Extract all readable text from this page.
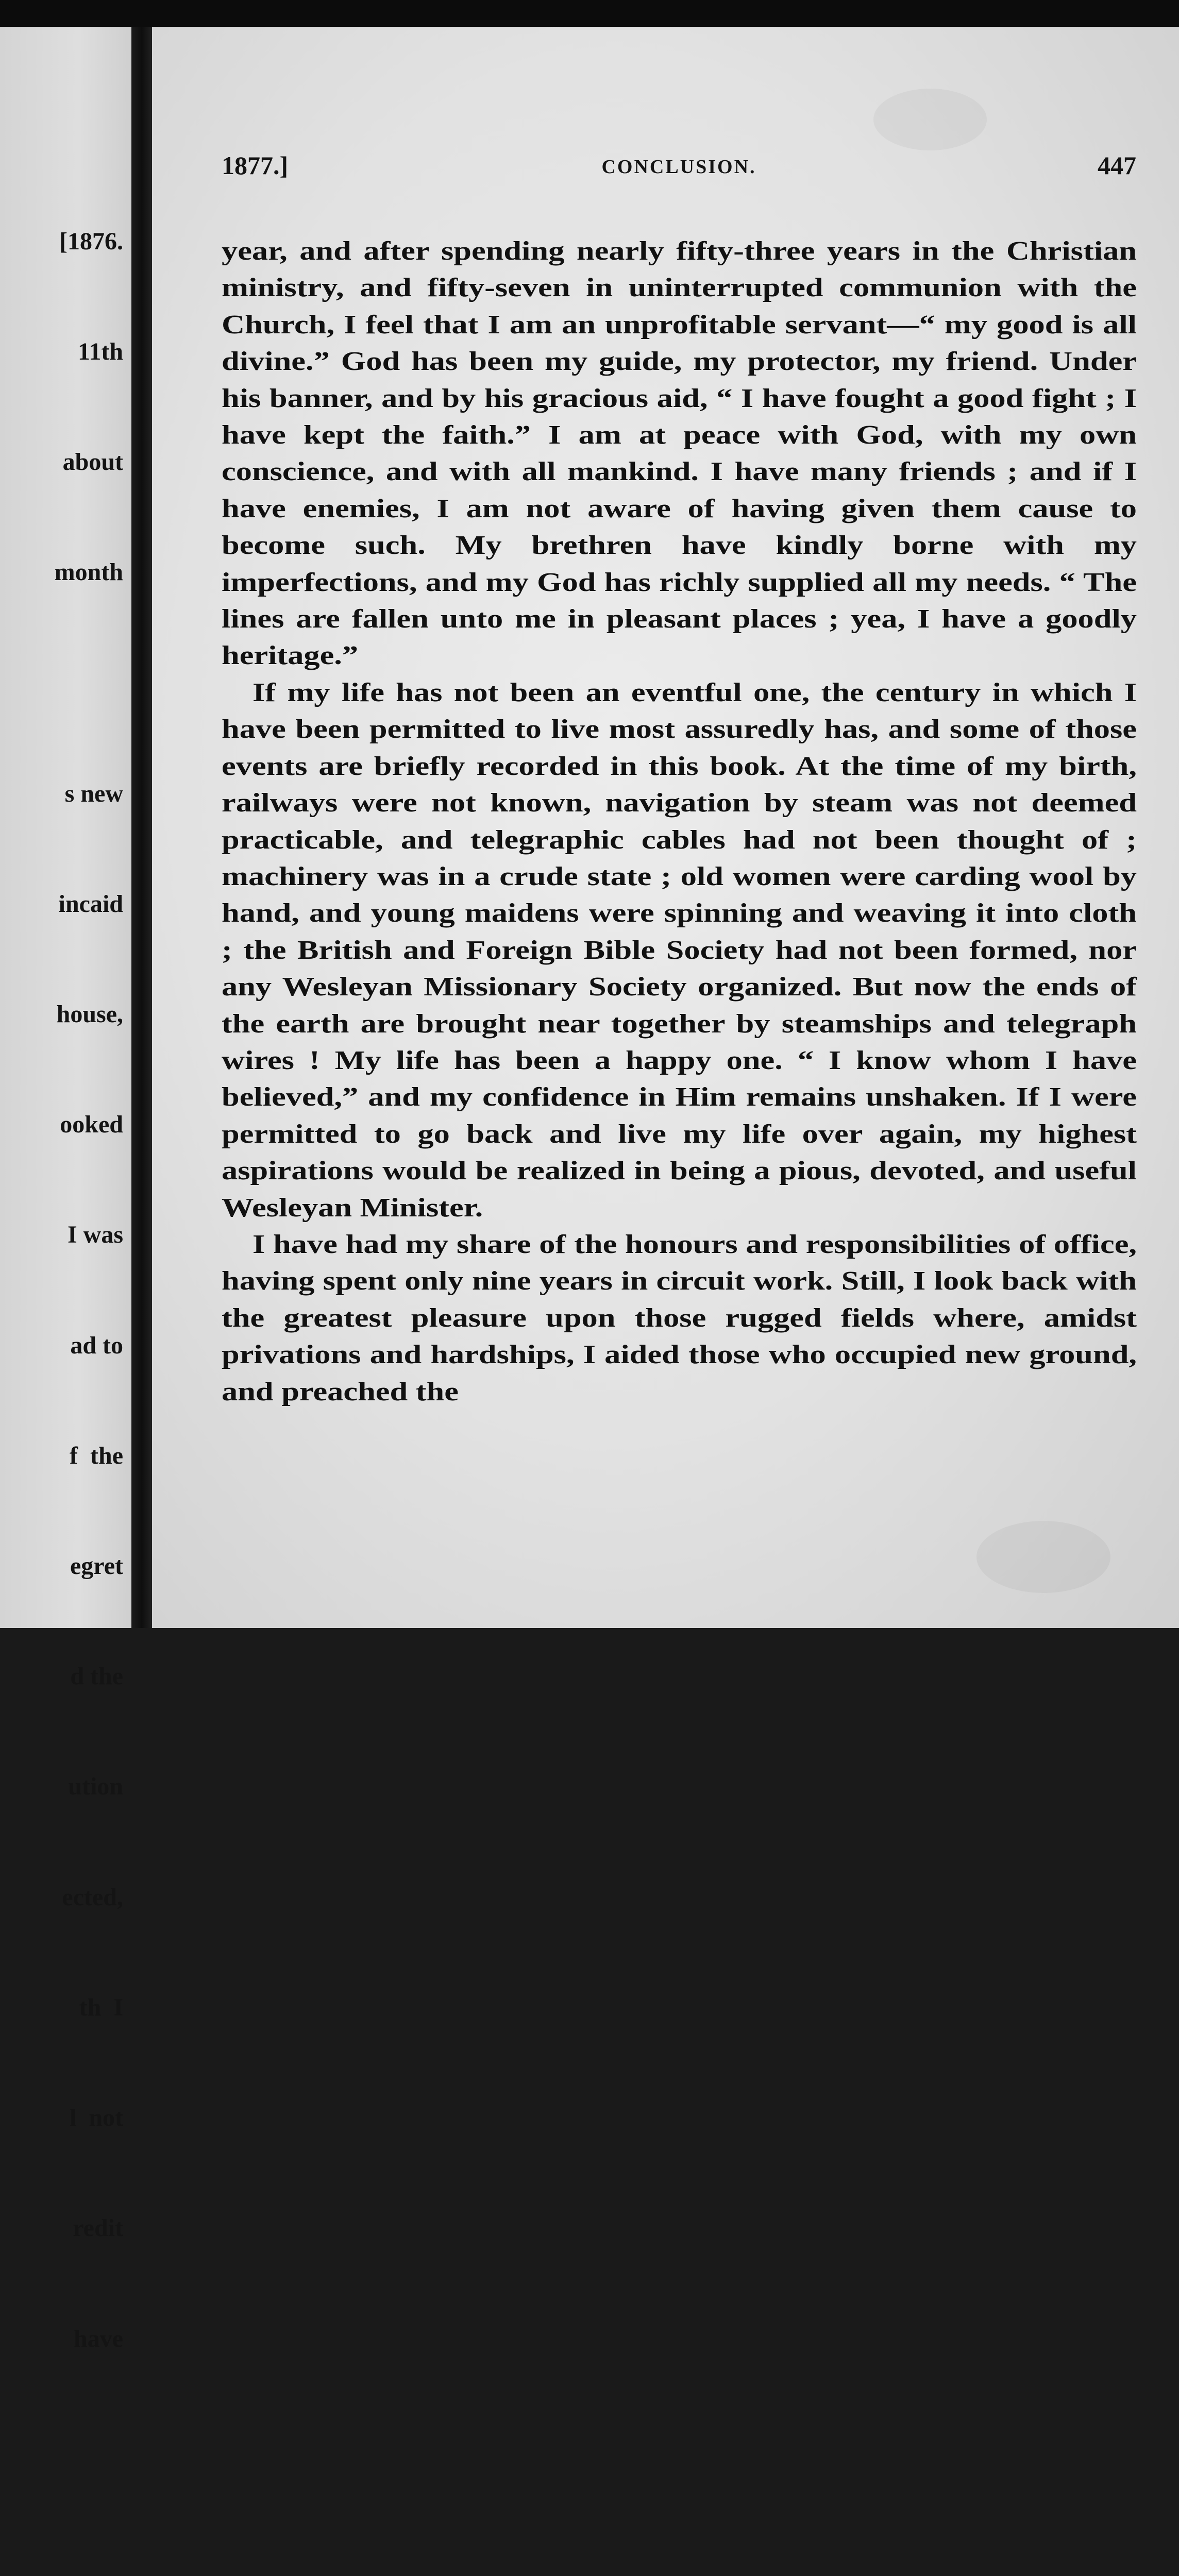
[1876.

11th

about

month

s new

incaid

house,

ooked

I was

ad to

f  the

egret

d the

ution

ected,

th  I

l  not

redit

have

1877.]	CONCLUSION.	447

year, and after spending nearly fifty-three years in the Christian ministry, and fifty-seven in uninterrupted communion with the Church, I feel that I am an unprofitable servant—“ my good is all divine.” God has been my guide, my protector, my friend. Under his banner, and by his gracious aid, “ I have fought a good fight ; I have kept the faith.” I am at peace with God, with my own conscience, and with all mankind. I have many friends ; and if I have enemies, I am not aware of having given them cause to become such. My brethren have kindly borne with my imperfections, and my God has richly supplied all my needs. “ The lines are fallen unto me in pleasant places ; yea, I have a goodly heritage.”

If my life has not been an eventful one, the century in which I have been permitted to live most assuredly has, and some of those events are briefly recorded in this book. At the time of my birth, railways were not known, navigation by steam was not deemed practicable, and telegraphic cables had not been thought of ; machinery was in a crude state ; old women were carding wool by hand, and young maidens were spinning and weaving it into cloth ; the British and Foreign Bible Society had not been formed, nor any Wesleyan Missionary Society organized. But now the ends of the earth are brought near together by steamships and telegraph wires ! My life has been a happy one. “ I know whom I have believed,” and my confidence in Him remains unshaken. If I were permitted to go back and live my life over again, my highest aspirations would be realized in being a pious, devoted, and useful Wesleyan Minister.

I have had my share of the honours and responsibilities of office, having spent only nine years in circuit work. Still, I look back with the greatest pleasure upon those rugged fields where, amidst privations and hardships, I aided those who occupied new ground, and preached the
